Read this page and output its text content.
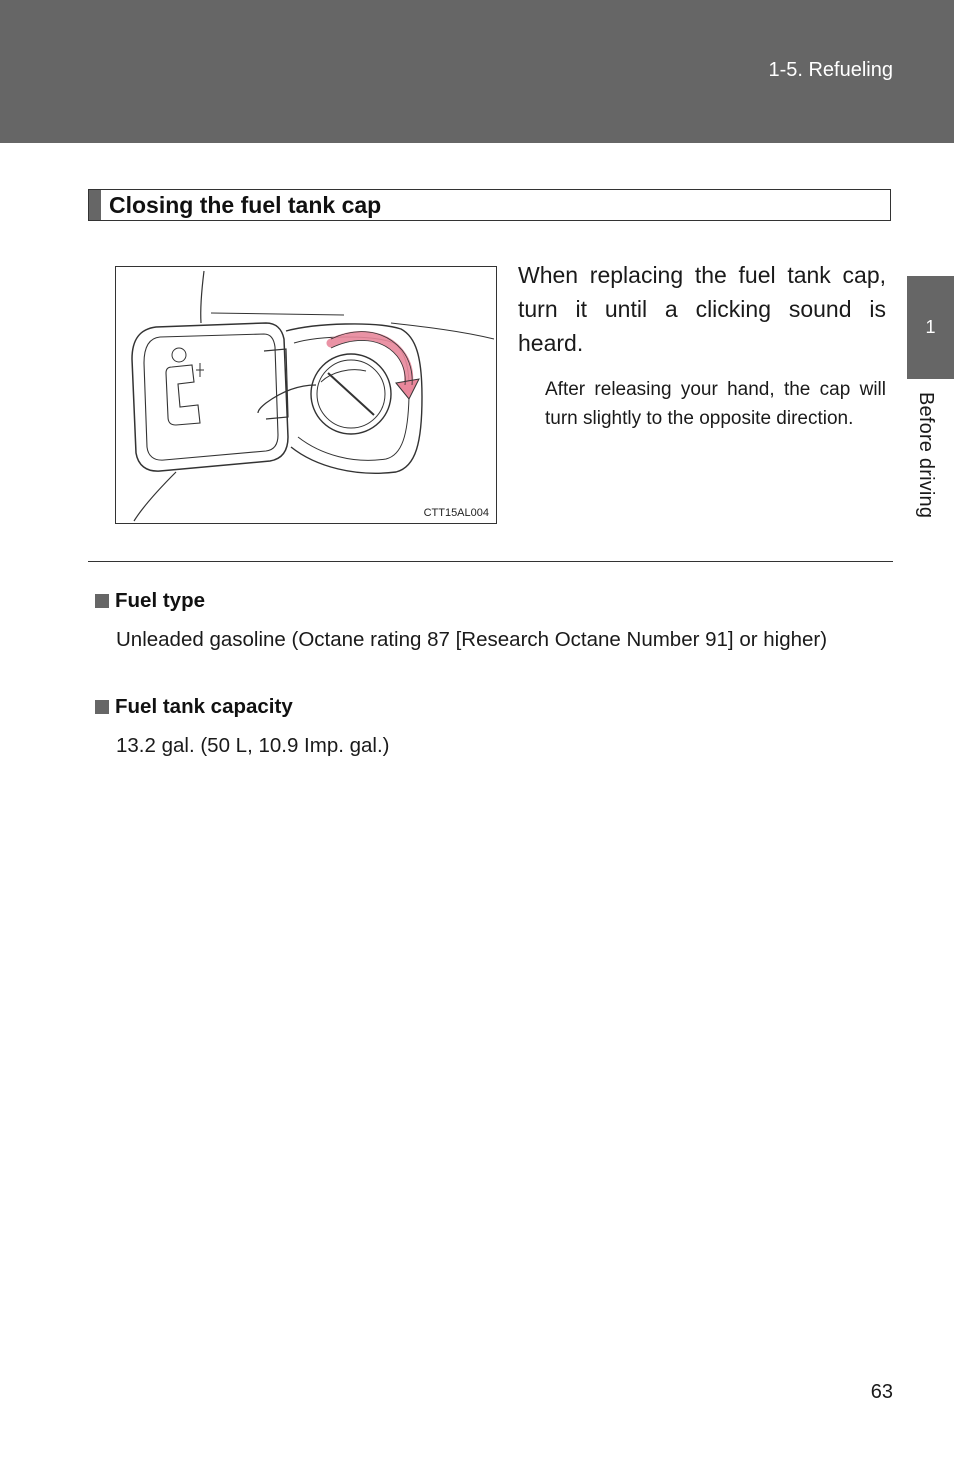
1-5. Refueling
1
Before driving
Closing the fuel tank cap
CTT15AL004
When replacing the fuel tank cap, turn it until a clicking sound is heard.
After releasing your hand, the cap will turn slightly to the opposite direction.
Fuel type
Unleaded gasoline (Octane rating 87 [Research Octane Number 91] or higher)
Fuel tank capacity
13.2 gal. (50 L, 10.9 Imp. gal.)
63
